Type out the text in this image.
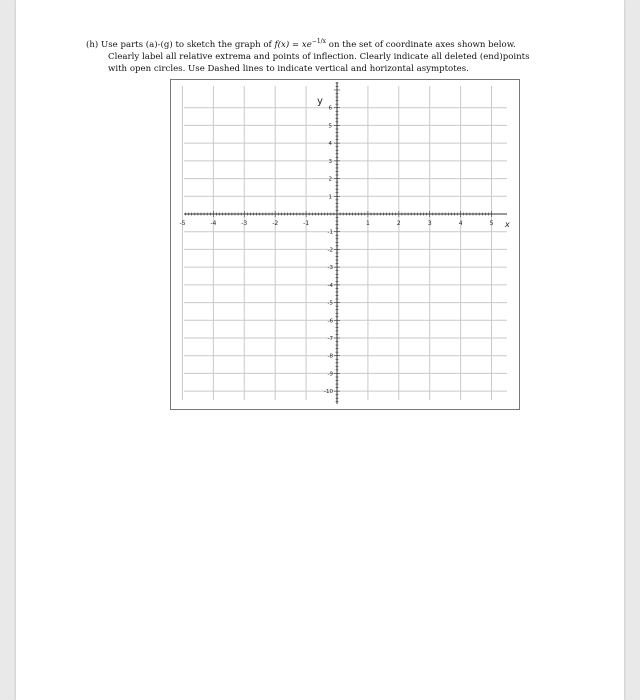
(h) Use parts (a)-(g) to sketch the graph of $f(x) = xe^{-1/x}$ on the set of coordinate axes shown below.

Clearly label all relative extrema and points of inflection. Clearly indicate all deleted (end)points

with open circles. Use Dashed lines to indicate vertical and horizontal asymptotes.

-5	-4	-3	-2	-1	1	2	3	4	5
6
5
4
3
2
1
-1
-2
-3
-4
-5
-6
-7
-8
-9
-10
x
y
